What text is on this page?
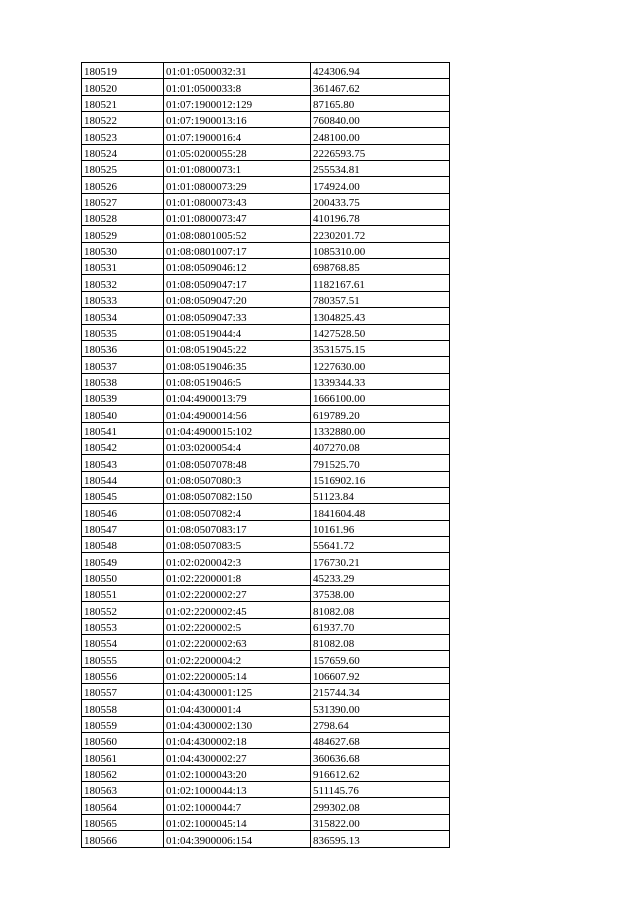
180519	01:01:0500032:31	424306.94
180520	01:01:0500033:8	361467.62
180521	01:07:1900012:129	87165.80
180522	01:07:1900013:16	760840.00
180523	01:07:1900016:4	248100.00
180524	01:05:0200055:28	2226593.75
180525	01:01:0800073:1	255534.81
180526	01:01:0800073:29	174924.00
180527	01:01:0800073:43	200433.75
180528	01:01:0800073:47	410196.78
180529	01:08:0801005:52	2230201.72
180530	01:08:0801007:17	1085310.00
180531	01:08:0509046:12	698768.85
180532	01:08:0509047:17	1182167.61
180533	01:08:0509047:20	780357.51
180534	01:08:0509047:33	1304825.43
180535	01:08:0519044:4	1427528.50
180536	01:08:0519045:22	3531575.15
180537	01:08:0519046:35	1227630.00
180538	01:08:0519046:5	1339344.33
180539	01:04:4900013:79	1666100.00
180540	01:04:4900014:56	619789.20
180541	01:04:4900015:102	1332880.00
180542	01:03:0200054:4	407270.08
180543	01:08:0507078:48	791525.70
180544	01:08:0507080:3	1516902.16
180545	01:08:0507082:150	51123.84
180546	01:08:0507082:4	1841604.48
180547	01:08:0507083:17	10161.96
180548	01:08:0507083:5	55641.72
180549	01:02:0200042:3	176730.21
180550	01:02:2200001:8	45233.29
180551	01:02:2200002:27	37538.00
180552	01:02:2200002:45	81082.08
180553	01:02:2200002:5	61937.70
180554	01:02:2200002:63	81082.08
180555	01:02:2200004:2	157659.60
180556	01:02:2200005:14	106607.92
180557	01:04:4300001:125	215744.34
180558	01:04:4300001:4	531390.00
180559	01:04:4300002:130	2798.64
180560	01:04:4300002:18	484627.68
180561	01:04:4300002:27	360636.68
180562	01:02:1000043:20	916612.62
180563	01:02:1000044:13	511145.76
180564	01:02:1000044:7	299302.08
180565	01:02:1000045:14	315822.00
180566	01:04:3900006:154	836595.13
